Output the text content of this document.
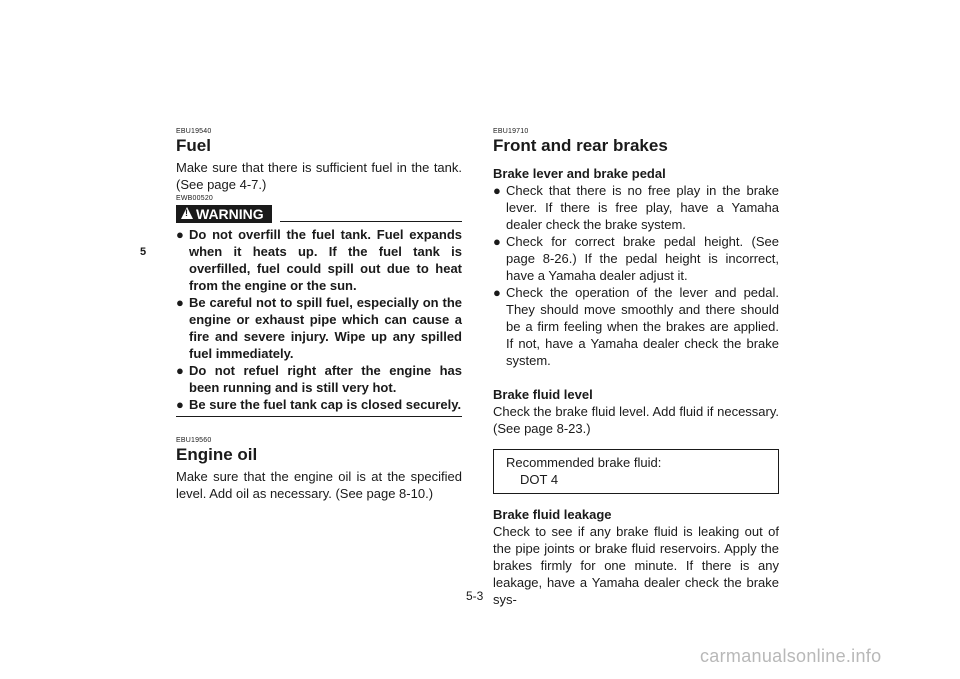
5
EBU19540
Fuel

Make sure that there is sufficient fuel in the tank. (See page 4-7.)

EWB00520
!
WARNING
● Do not overfill the fuel tank. Fuel expands when it heats up. If the fuel tank is overfilled, fuel could spill out due to heat from the engine or the sun.
● Be careful not to spill fuel, especially on the engine or exhaust pipe which can cause a fire and severe injury. Wipe up any spilled fuel immediately.
● Do not refuel right after the engine has been running and is still very hot.
● Be sure the fuel tank cap is closed securely.
EBU19560
Engine oil

Make sure that the engine oil is at the specified level. Add oil as necessary. (See page 8-10.)

EBU19710
Front and rear brakes
Brake lever and brake pedal
● Check that there is no free play in the brake lever. If there is free play, have a Yamaha dealer check the brake system.
● Check for correct brake pedal height. (See page 8-26.) If the pedal height is incorrect, have a Yamaha dealer adjust it.
● Check the operation of the lever and pedal. They should move smoothly and there should be a firm feeling when the brakes are applied. If not, have a Yamaha dealer check the brake system.
Brake fluid level

Check the brake fluid level. Add fluid if necessary. (See page 8-23.)

Recommended brake fluid:
DOT 4
Brake fluid leakage

Check to see if any brake fluid is leaking out of the pipe joints or brake fluid reservoirs. Apply the brakes firmly for one minute. If there is any leakage, have a Yamaha dealer check the brake sys-

5-3
carmanualsonline.info
